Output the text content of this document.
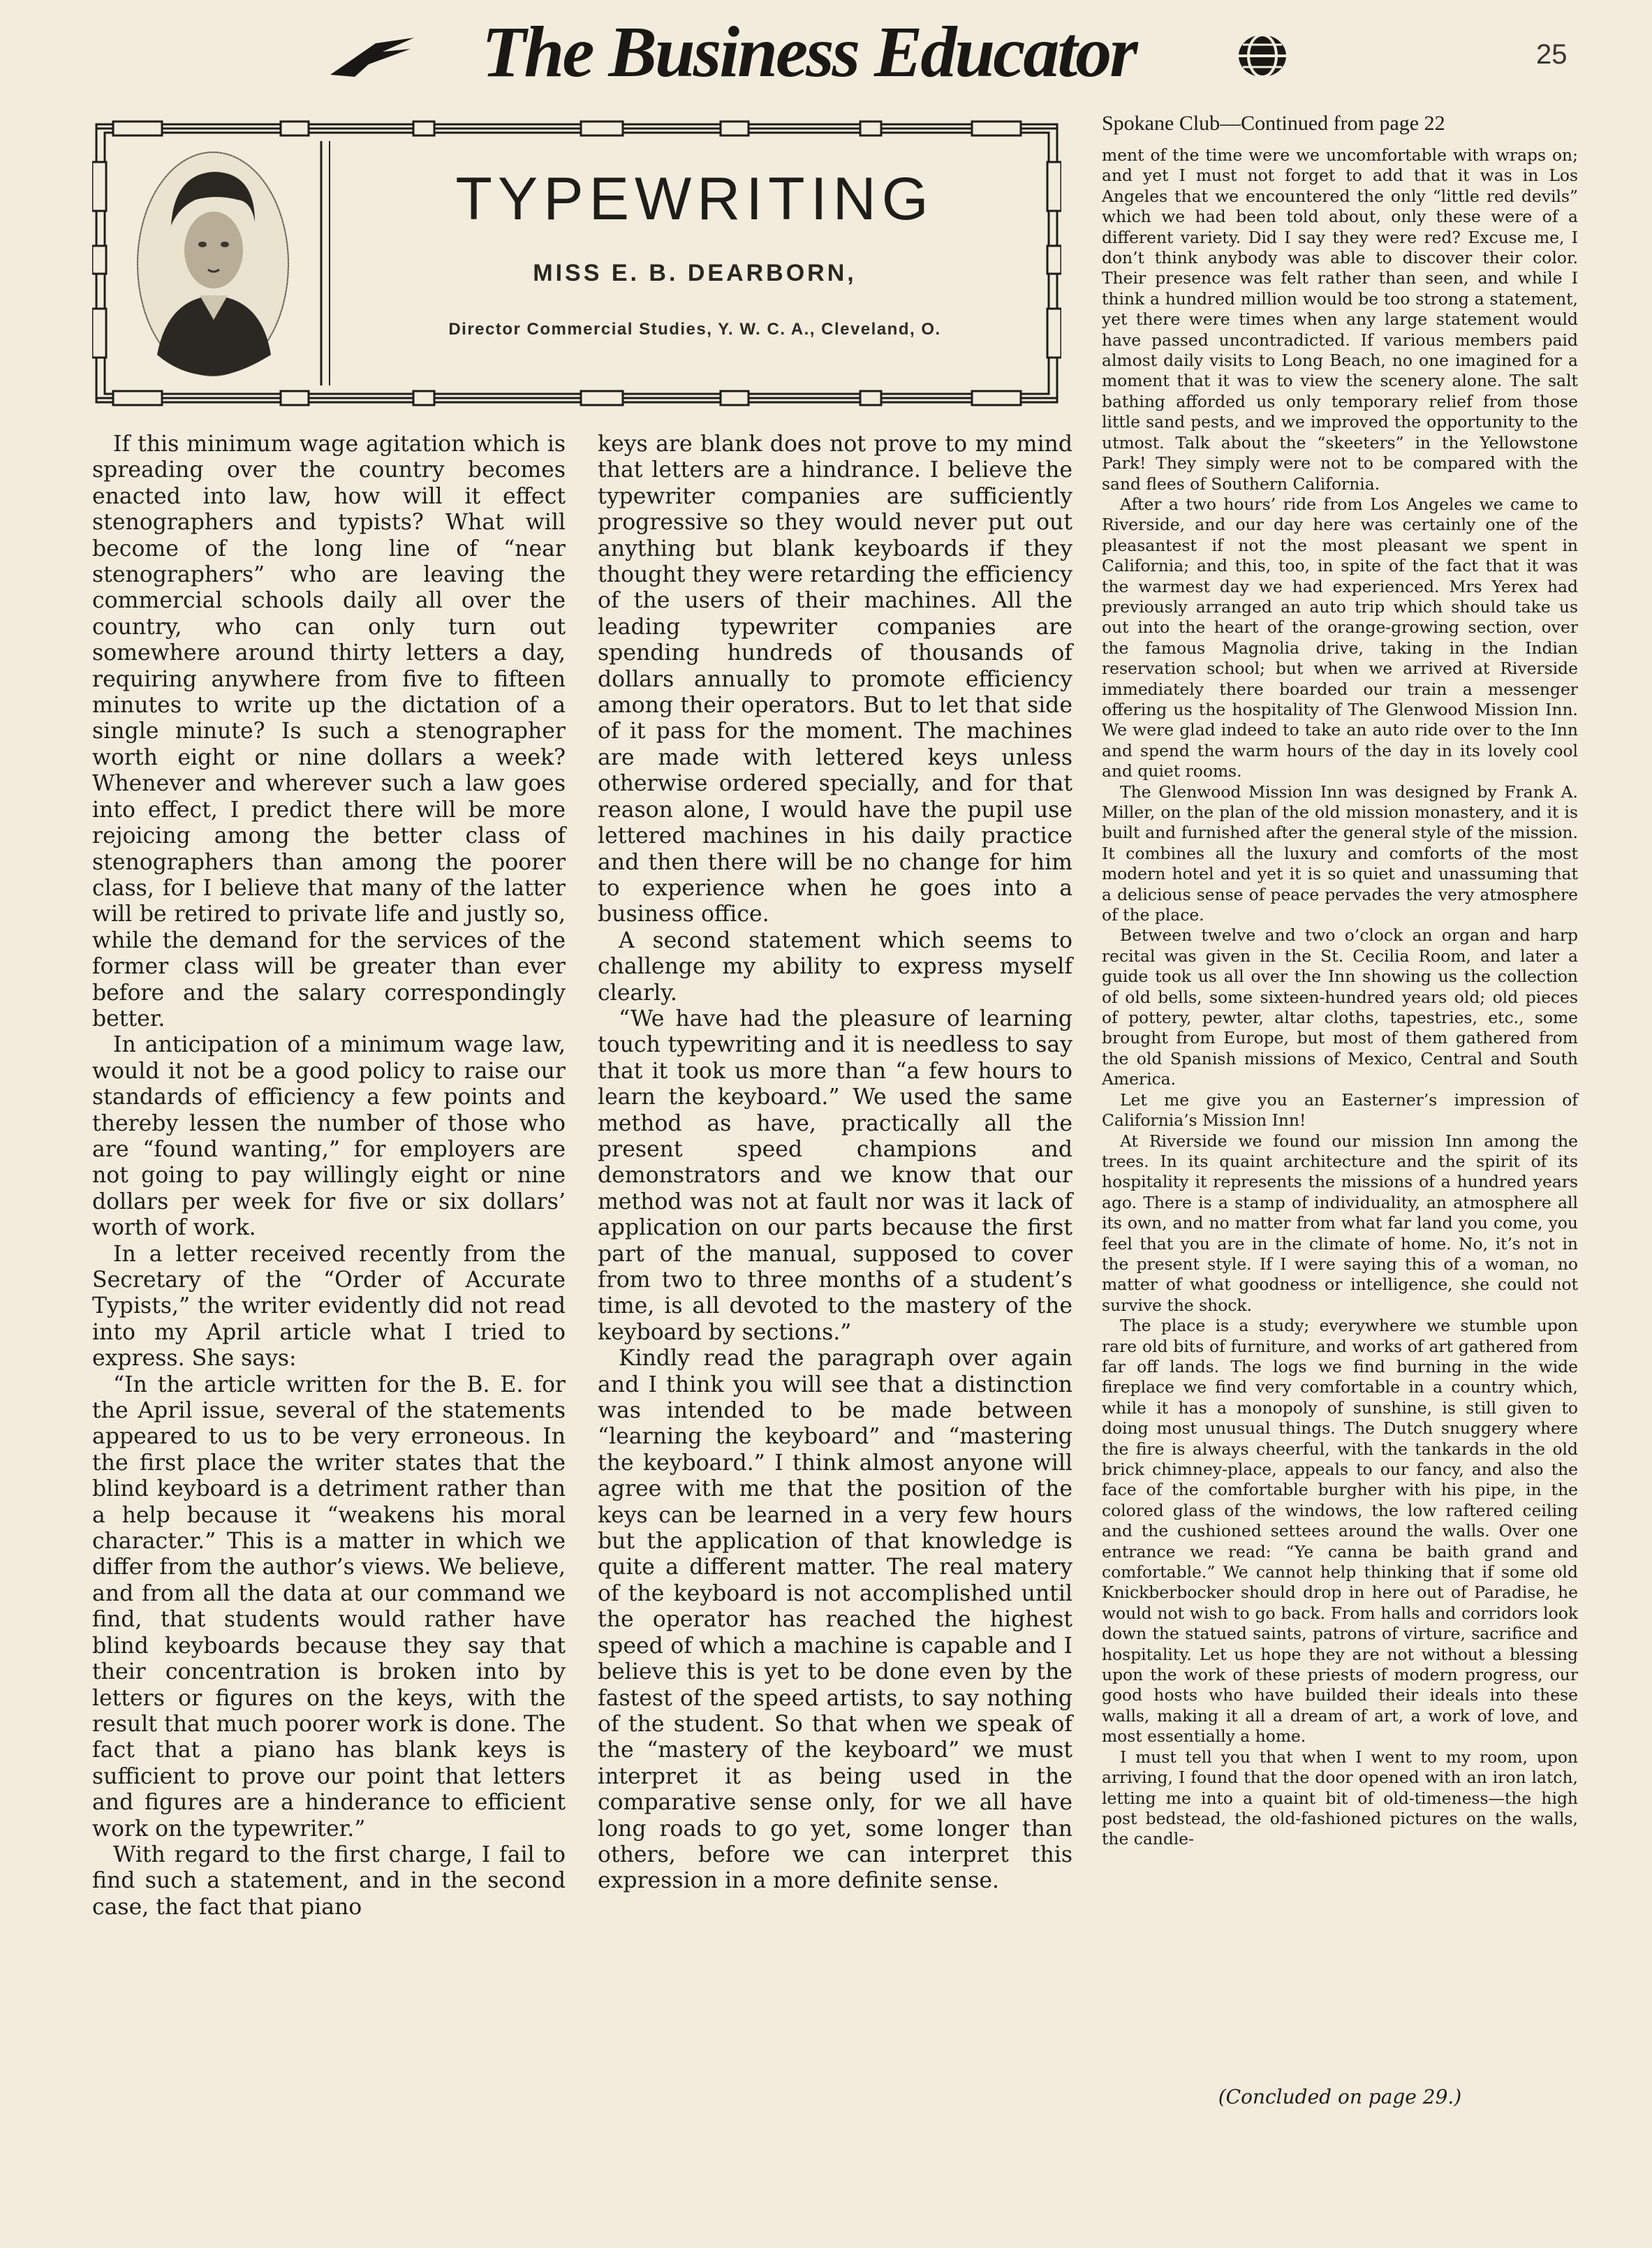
The Business Educator	25
TYPEWRITING
MISS E. B. DEARBORN,
Director Commercial Studies, Y. W. C. A., Cleveland, O.

If this minimum wage agitation which is spreading over the country becomes enacted into law, how will it effect stenographers and typists? What will become of the long line of “near stenographers” who are leaving the commercial schools daily all over the country, who can only turn out somewhere around thirty letters a day, requiring anywhere from five to fifteen minutes to write up the dictation of a single minute? Is such a stenographer worth eight or nine dollars a week? Whenever and wherever such a law goes into effect, I predict there will be more rejoicing among the better class of stenographers than among the poorer class, for I believe that many of the latter will be retired to private life and justly so, while the demand for the services of the former class will be greater than ever before and the salary correspondingly better.

In anticipation of a minimum wage law, would it not be a good policy to raise our standards of efficiency a few points and thereby lessen the number of those who are “found wanting,” for employers are not going to pay willingly eight or nine dollars per week for five or six dollars’ worth of work.

In a letter received recently from the Secretary of the “Order of Accurate Typists,” the writer evidently did not read into my April article what I tried to express. She says:

“In the article written for the B. E. for the April issue, several of the statements appeared to us to be very erroneous. In the first place the writer states that the blind keyboard is a detriment rather than a help because it “weakens his moral character.” This is a matter in which we differ from the author’s views. We believe, and from all the data at our command we find, that students would rather have blind keyboards because they say that their concentration is broken into by letters or figures on the keys, with the result that much poorer work is done. The fact that a piano has blank keys is sufficient to prove our point that letters and figures are a hinderance to efficient work on the typewriter.”

With regard to the first charge, I fail to find such a statement, and in the second case, the fact that piano

keys are blank does not prove to my mind that letters are a hindrance. I believe the typewriter companies are sufficiently progressive so they would never put out anything but blank keyboards if they thought they were retarding the efficiency of the users of their machines. All the leading typewriter companies are spending hundreds of thousands of dollars annually to promote efficiency among their operators. But to let that side of it pass for the moment. The machines are made with lettered keys unless otherwise ordered specially, and for that reason alone, I would have the pupil use lettered machines in his daily practice and then there will be no change for him to experience when he goes into a business office.

A second statement which seems to challenge my ability to express myself clearly.

“We have had the pleasure of learning touch typewriting and it is needless to say that it took us more than “a few hours to learn the keyboard.” We used the same method as have, practically all the present speed champions and demonstrators and we know that our method was not at fault nor was it lack of application on our parts because the first part of the manual, supposed to cover from two to three months of a student’s time, is all devoted to the mastery of the keyboard by sections.”

Kindly read the paragraph over again and I think you will see that a distinction was intended to be made between “learning the keyboard” and “mastering the keyboard.” I think almost anyone will agree with me that the position of the keys can be learned in a very few hours but the application of that knowledge is quite a different matter. The real matery of the keyboard is not accomplished until the operator has reached the highest speed of which a machine is capable and I believe this is yet to be done even by the fastest of the speed artists, to say nothing of the student. So that when we speak of the “mastery of the keyboard” we must interpret it as being used in the comparative sense only, for we all have long roads to go yet, some longer than others, before we can interpret this expression in a more definite sense.

Spokane Club—Continued from page 22

ment of the time were we uncomfortable with wraps on; and yet I must not forget to add that it was in Los Angeles that we encountered the only “little red devils” which we had been told about, only these were of a different variety. Did I say they were red? Excuse me, I don’t think anybody was able to discover their color. Their presence was felt rather than seen, and while I think a hundred million would be too strong a statement, yet there were times when any large statement would have passed uncontradicted. If various members paid almost daily visits to Long Beach, no one imagined for a moment that it was to view the scenery alone. The salt bathing afforded us only temporary relief from those little sand pests, and we improved the opportunity to the utmost. Talk about the “skeeters” in the Yellowstone Park! They simply were not to be compared with the sand flees of Southern California.

After a two hours’ ride from Los Angeles we came to Riverside, and our day here was certainly one of the pleasantest if not the most pleasant we spent in California; and this, too, in spite of the fact that it was the warmest day we had experienced. Mrs Yerex had previously arranged an auto trip which should take us out into the heart of the orange-growing section, over the famous Magnolia drive, taking in the Indian reservation school; but when we arrived at Riverside immediately there boarded our train a messenger offering us the hospitality of The Glenwood Mission Inn. We were glad indeed to take an auto ride over to the Inn and spend the warm hours of the day in its lovely cool and quiet rooms.

The Glenwood Mission Inn was designed by Frank A. Miller, on the plan of the old mission monastery, and it is built and furnished after the general style of the mission. It combines all the luxury and comforts of the most modern hotel and yet it is so quiet and unassuming that a delicious sense of peace pervades the very atmosphere of the place.

Between twelve and two o’clock an organ and harp recital was given in the St. Cecilia Room, and later a guide took us all over the Inn showing us the collection of old bells, some sixteen-hundred years old; old pieces of pottery, pewter, altar cloths, tapestries, etc., some brought from Europe, but most of them gathered from the old Spanish missions of Mexico, Central and South America.

Let me give you an Easterner’s impression of California’s Mission Inn!

At Riverside we found our mission Inn among the trees. In its quaint architecture and the spirit of its hospitality it represents the missions of a hundred years ago. There is a stamp of individuality, an atmosphere all its own, and no matter from what far land you come, you feel that you are in the climate of home. No, it’s not in the present style. If I were saying this of a woman, no matter of what goodness or intelligence, she could not survive the shock.

The place is a study; everywhere we stumble upon rare old bits of furniture, and works of art gathered from far off lands. The logs we find burning in the wide fireplace we find very comfortable in a country which, while it has a monopoly of sunshine, is still given to doing most unusual things. The Dutch snuggery where the fire is always cheerful, with the tankards in the old brick chimney-place, appeals to our fancy, and also the face of the comfortable burgher with his pipe, in the colored glass of the windows, the low raftered ceiling and the cushioned settees around the walls. Over one entrance we read: “Ye canna be baith grand and comfortable.” We cannot help thinking that if some old Knickberbocker should drop in here out of Paradise, he would not wish to go back. From halls and corridors look down the statued saints, patrons of virture, sacrifice and hospitality. Let us hope they are not without a blessing upon the work of these priests of modern progress, our good hosts who have builded their ideals into these walls, making it all a dream of art, a work of love, and most essentially a home.

I must tell you that when I went to my room, upon arriving, I found that the door opened with an iron latch, letting me into a quaint bit of old-timeness—the high post bedstead, the old-fashioned pictures on the walls, the candle-

(Concluded on page 29.)
